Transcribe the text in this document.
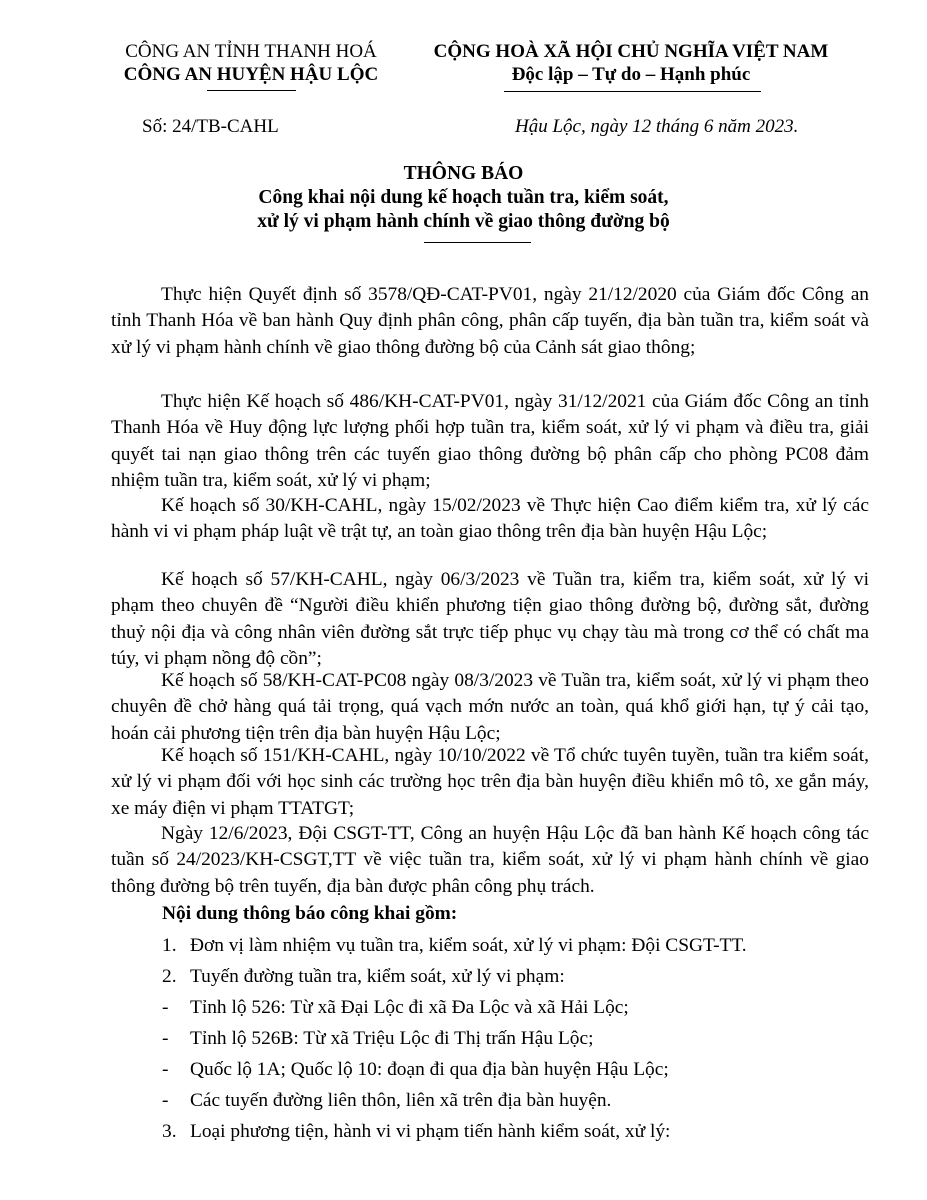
CÔNG AN TỈNH THANH HOÁ
CÔNG AN HUYỆN HẬU LỘC
CỘNG HOÀ XÃ HỘI CHỦ NGHĨA VIỆT NAM
Độc lập – Tự do – Hạnh phúc
Số: 24/TB-CAHL	Hậu Lộc, ngày 12 tháng 6 năm 2023.
THÔNG BÁO
Công khai nội dung kế hoạch tuần tra, kiểm soát,
xử lý vi phạm hành chính về giao thông đường bộ
Thực hiện Quyết định số 3578/QĐ-CAT-PV01, ngày 21/12/2020 của Giám đốc Công an tỉnh Thanh Hóa về ban hành Quy định phân công, phân cấp tuyến, địa bàn tuần tra, kiểm soát và xử lý vi phạm hành chính về giao thông đường bộ của Cảnh sát giao thông;
Thực hiện Kế hoạch số 486/KH-CAT-PV01, ngày 31/12/2021 của Giám đốc Công an tỉnh Thanh Hóa về Huy động lực lượng phối hợp tuần tra, kiểm soát, xử lý vi phạm và điều tra, giải quyết tai nạn giao thông trên các tuyến giao thông đường bộ phân cấp cho phòng PC08 đảm nhiệm tuần tra, kiểm soát, xử lý vi phạm;
Kế hoạch số 30/KH-CAHL, ngày 15/02/2023 về Thực hiện Cao điểm kiểm tra, xử lý các hành vi vi phạm pháp luật về trật tự, an toàn giao thông trên địa bàn huyện Hậu Lộc;
Kế hoạch số 57/KH-CAHL, ngày 06/3/2023 về Tuần tra, kiểm tra, kiểm soát, xử lý vi phạm theo chuyên đề “Người điều khiển phương tiện giao thông đường bộ, đường sắt, đường thuỷ nội địa và công nhân viên đường sắt trực tiếp phục vụ chạy tàu mà trong cơ thể có chất ma túy, vi phạm nồng độ cồn”;
Kế hoạch số 58/KH-CAT-PC08 ngày 08/3/2023 về Tuần tra, kiểm soát, xử lý vi phạm theo chuyên đề chở hàng quá tải trọng, quá vạch mớn nước an toàn, quá khổ giới hạn, tự ý cải tạo, hoán cải phương tiện trên địa bàn huyện Hậu Lộc;
Kế hoạch số 151/KH-CAHL, ngày 10/10/2022 về Tổ chức tuyên tuyền, tuần tra kiểm soát, xử lý vi phạm đối với học sinh các trường học trên địa bàn huyện điều khiển mô tô, xe gắn máy, xe máy điện vi phạm TTATGT;
Ngày 12/6/2023, Đội CSGT-TT, Công an huyện Hậu Lộc đã ban hành Kế hoạch công tác tuần số 24/2023/KH-CSGT,TT về việc tuần tra, kiểm soát, xử lý vi phạm hành chính về giao thông đường bộ trên tuyến, địa bàn được phân công phụ trách.
Nội dung thông báo công khai gồm:
1. Đơn vị làm nhiệm vụ tuần tra, kiểm soát, xử lý vi phạm: Đội CSGT-TT.
2. Tuyến đường tuần tra, kiểm soát, xử lý vi phạm:
- Tỉnh lộ 526: Từ xã Đại Lộc đi xã Đa Lộc và xã Hải Lộc;
- Tỉnh lộ 526B: Từ xã Triệu Lộc đi Thị trấn Hậu Lộc;
- Quốc lộ 1A; Quốc lộ 10: đoạn đi qua địa bàn huyện Hậu Lộc;
- Các tuyến đường liên thôn, liên xã trên địa bàn huyện.
3. Loại phương tiện, hành vi vi phạm tiến hành kiểm soát, xử lý:
